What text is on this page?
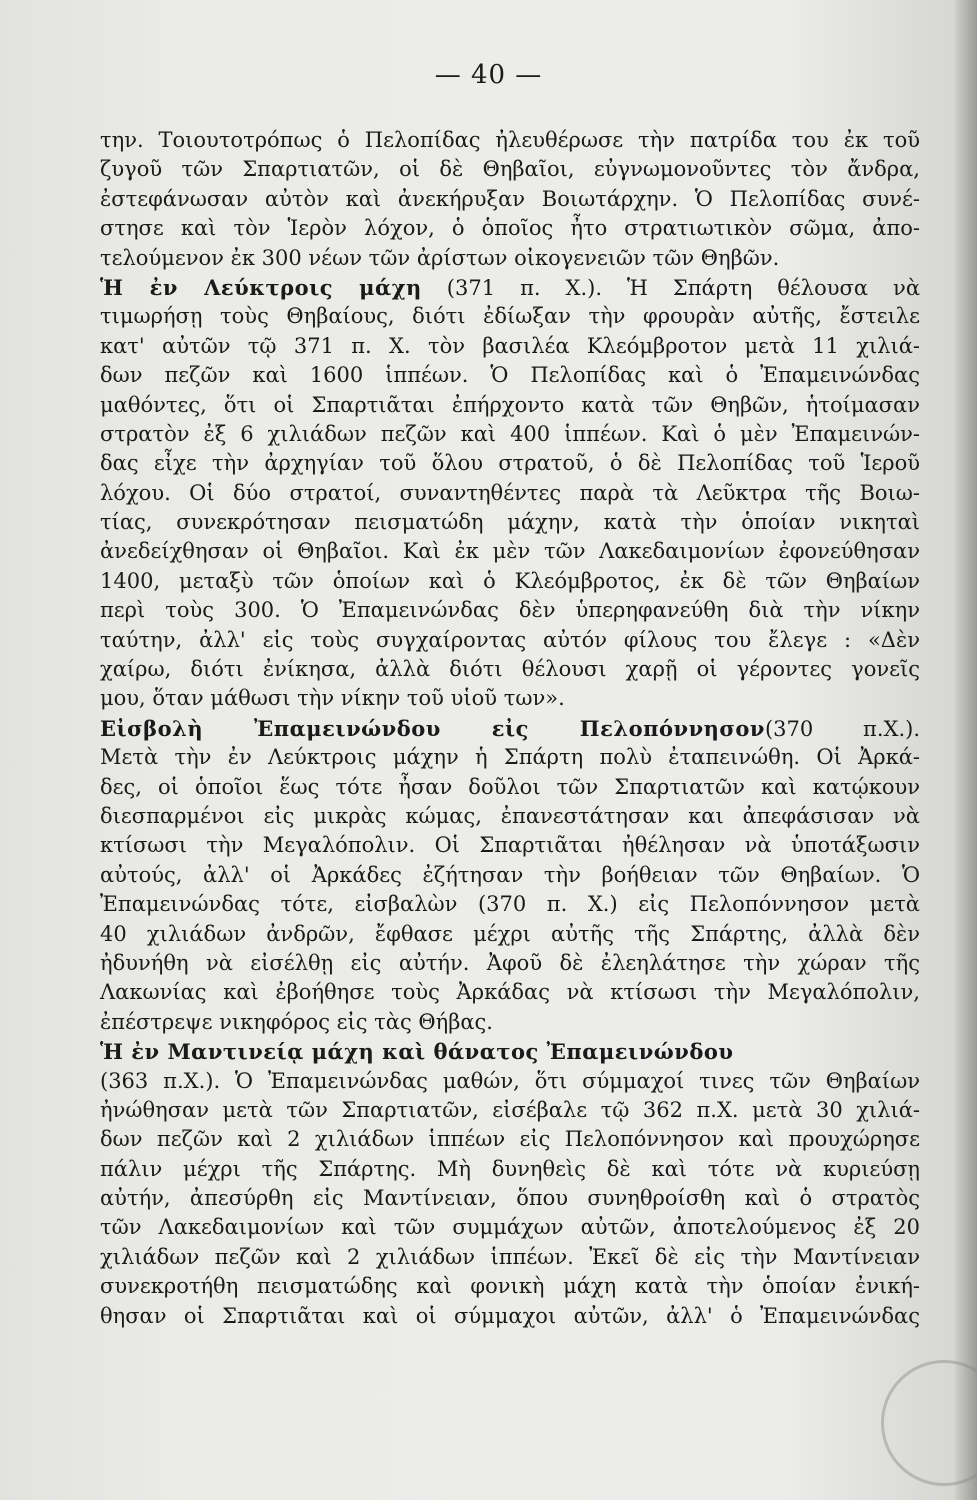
— 40 —
την. Τοιουτοτρόπως ὁ Πελοπίδας ἠλευθέρωσε τὴν πατρίδα του ἐκ τοῦ
ζυγοῦ τῶν Σπαρτιατῶν, οἱ δὲ Θηβαῖοι, εὐγνωμονοῦντες τὸν ἄνδρα,
ἐστεφάνωσαν αὐτὸν καὶ ἀνεκήρυξαν Βοιωτάρχην. Ὁ Πελοπίδας συνέ-
στησε καὶ τὸν Ἱερὸν λόχον, ὁ ὁποῖος ἦτο στρατιωτικὸν σῶμα, ἀπο-
τελούμενον ἐκ 300 νέων τῶν ἀρίστων οἰκογενειῶν τῶν Θηβῶν.
Ἡ ἐν Λεύκτροις μάχη (371 π. Χ.). Ἡ Σπάρτη θέλουσα νὰ
τιμωρήσῃ τοὺς Θηβαίους, διότι ἐδίωξαν τὴν φρουρὰν αὐτῆς, ἔστειλε
κατ' αὐτῶν τῷ 371 π. Χ. τὸν βασιλέα Κλεόμβροτον μετὰ 11 χιλιά-
δων πεζῶν καὶ 1600 ἱππέων. Ὁ Πελοπίδας καὶ ὁ Ἐπαμεινώνδας
μαθόντες, ὅτι οἱ Σπαρτιᾶται ἐπήρχοντο κατὰ τῶν Θηβῶν, ἡτοίμασαν
στρατὸν ἐξ 6 χιλιάδων πεζῶν καὶ 400 ἱππέων. Καὶ ὁ μὲν Ἐπαμεινών-
δας εἶχε τὴν ἀρχηγίαν τοῦ ὅλου στρατοῦ, ὁ δὲ Πελοπίδας τοῦ Ἱεροῦ
λόχου. Οἱ δύο στρατοί, συναντηθέντες παρὰ τὰ Λεῦκτρα τῆς Βοιω-
τίας, συνεκρότησαν πεισματώδη μάχην, κατὰ τὴν ὁποίαν νικηταὶ
ἀνεδείχθησαν οἱ Θηβαῖοι. Καὶ ἐκ μὲν τῶν Λακεδαιμονίων ἐφονεύθησαν
1400, μεταξὺ τῶν ὁποίων καὶ ὁ Κλεόμβροτος, ἐκ δὲ τῶν Θηβαίων
περὶ τοὺς 300. Ὁ Ἐπαμεινώνδας δὲν ὑπερηφανεύθη διὰ τὴν νίκην
ταύτην, ἀλλ' εἰς τοὺς συγχαίροντας αὐτόν φίλους του ἔλεγε : «Δὲν
χαίρω, διότι ἐνίκησα, ἀλλὰ διότι θέλουσι χαρῇ οἱ γέροντες γονεῖς
μου, ὅταν μάθωσι τὴν νίκην τοῦ υἱοῦ των».
Εἰσβολὴ Ἐπαμεινώνδου εἰς Πελοπόννησον(370 π.Χ.).
Μετὰ τὴν ἐν Λεύκτροις μάχην ἡ Σπάρτη πολὺ ἐταπεινώθη. Οἱ Ἀρκά-
δες, οἱ ὁποῖοι ἕως τότε ἦσαν δοῦλοι τῶν Σπαρτιατῶν καὶ κατῴκουν
διεσπαρμένοι εἰς μικρὰς κώμας, ἐπανεστάτησαν και ἀπεφάσισαν νὰ
κτίσωσι τὴν Μεγαλόπολιν. Οἱ Σπαρτιᾶται ἠθέλησαν νὰ ὑποτάξωσιν
αὐτούς, ἀλλ' οἱ Ἀρκάδες ἐζήτησαν τὴν βοήθειαν τῶν Θηβαίων. Ὁ
Ἐπαμεινώνδας τότε, εἰσβαλὼν (370 π. Χ.) εἰς Πελοπόννησον μετὰ
40 χιλιάδων ἀνδρῶν, ἔφθασε μέχρι αὐτῆς τῆς Σπάρτης, ἀλλὰ δὲν
ἠδυνήθη νὰ εἰσέλθῃ εἰς αὐτήν. Ἀφοῦ δὲ ἐλεηλάτησε τὴν χώραν τῆς
Λακωνίας καὶ ἐβοήθησε τοὺς Ἀρκάδας νὰ κτίσωσι τὴν Μεγαλόπολιν,
ἐπέστρεψε νικηφόρος εἰς τὰς Θήβας.
Ἡ ἐν Μαντινείᾳ μάχη καὶ θάνατος Ἐπαμεινώνδου
(363 π.Χ.). Ὁ Ἐπαμεινώνδας μαθών, ὅτι σύμμαχοί τινες τῶν Θηβαίων
ἠνώθησαν μετὰ τῶν Σπαρτιατῶν, εἰσέβαλε τῷ 362 π.Χ. μετὰ 30 χιλιά-
δων πεζῶν καὶ 2 χιλιάδων ἱππέων εἰς Πελοπόννησον καὶ προυχώρησε
πάλιν μέχρι τῆς Σπάρτης. Μὴ δυνηθεὶς δὲ καὶ τότε νὰ κυριεύσῃ
αὐτήν, ἀπεσύρθη εἰς Μαντίνειαν, ὅπου συνηθροίσθη καὶ ὁ στρατὸς
τῶν Λακεδαιμονίων καὶ τῶν συμμάχων αὐτῶν, ἀποτελούμενος ἐξ 20
χιλιάδων πεζῶν καὶ 2 χιλιάδων ἱππέων. Ἐκεῖ δὲ εἰς τὴν Μαντίνειαν
συνεκροτήθη πεισματώδης καὶ φονικὴ μάχη κατὰ τὴν ὁποίαν ἐνική-
θησαν οἱ Σπαρτιᾶται καὶ οἱ σύμμαχοι αὐτῶν, ἀλλ' ὁ Ἐπαμεινώνδας
